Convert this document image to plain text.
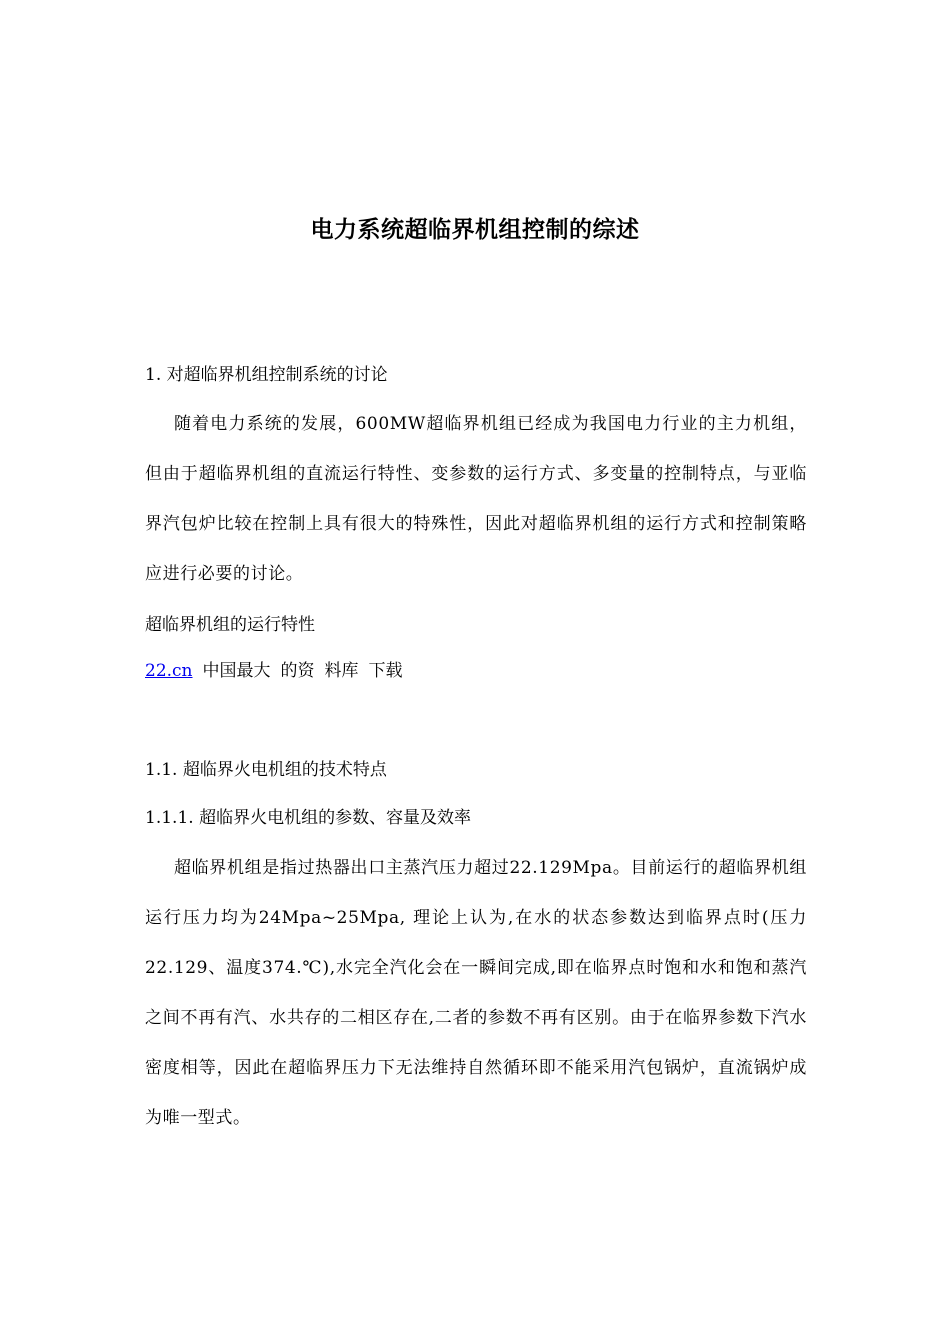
电力系统超临界机组控制的综述
1. 对超临界机组控制系统的讨论
随着电力系统的发展，600MW超临界机组已经成为我国电力行业的主力机组，但由于超临界机组的直流运行特性、变参数的运行方式、多变量的控制特点，与亚临界汽包炉比较在控制上具有很大的特殊性，因此对超临界机组的运行方式和控制策略应进行必要的讨论。
超临界机组的运行特性
22.cn 中国最大 的资 料库 下载
1.1. 超临界火电机组的技术特点
1.1.1. 超临界火电机组的参数、容量及效率
超临界机组是指过热器出口主蒸汽压力超过22.129Mpa。目前运行的超临界机组运行压力均为24Mpa~25Mpa, 理论上认为,在水的状态参数达到临界点时(压力22.129、温度374.℃),水完全汽化会在一瞬间完成,即在临界点时饱和水和饱和蒸汽之间不再有汽、水共存的二相区存在,二者的参数不再有区别。由于在临界参数下汽水密度相等，因此在超临界压力下无法维持自然循环即不能采用汽包锅炉，直流锅炉成为唯一型式。
